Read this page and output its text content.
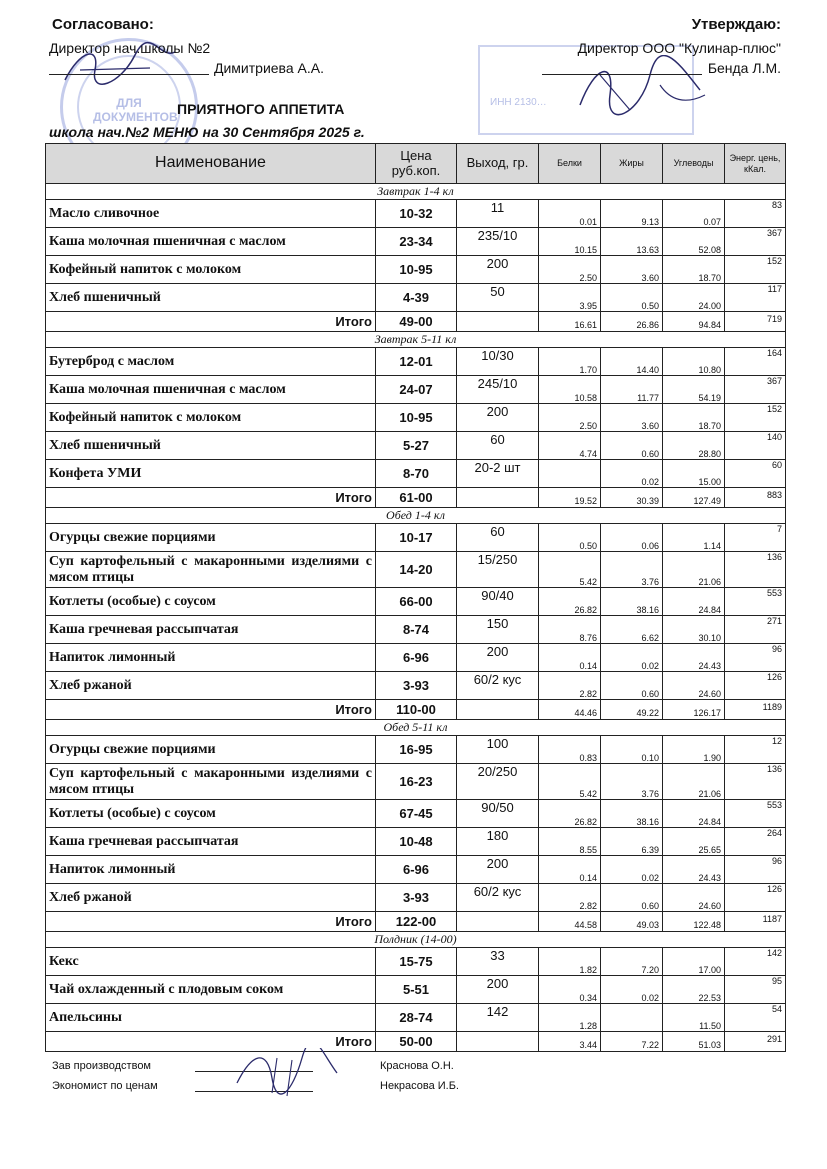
ДЛЯ ДОКУМЕНТОВ
ИНН 2130…
Согласовано:
Директор нач.школы №2
Димитриева А.А.
Утверждаю:
Директор ООО "Кулинар-плюс"
Бенда Л.М.
ПРИЯТНОГО АППЕТИТА
школа нач.№2 МЕНЮ на 30 Сентября 2025 г.
Наименование	Цена руб.коп.	Выход, гр.	Белки	Жиры	Углеводы	Энерг. цень, кКал.
Завтрак 1-4 кл						
Масло сливочное	10-32	11	0.01	9.13	0.07	83
Каша молочная пшеничная с маслом	23-34	235/10	10.15	13.63	52.08	367
Кофейный напиток с молоком	10-95	200	2.50	3.60	18.70	152
Хлеб пшеничный	4-39	50	3.95	0.50	24.00	117
Итого	49-00		16.61	26.86	94.84	719
Завтрак 5-11 кл						
Бутерброд с маслом	12-01	10/30	1.70	14.40	10.80	164
Каша молочная пшеничная с маслом	24-07	245/10	10.58	11.77	54.19	367
Кофейный напиток с молоком	10-95	200	2.50	3.60	18.70	152
Хлеб пшеничный	5-27	60	4.74	0.60	28.80	140
Конфета УМИ	8-70	20-2 шт		0.02	15.00	60
Итого	61-00		19.52	30.39	127.49	883
Обед 1-4 кл						
Огурцы свежие порциями	10-17	60	0.50	0.06	1.14	7
Суп картофельный с макаронными изделиями с мясом птицы	14-20	15/250	5.42	3.76	21.06	136
Котлеты (особые) с соусом	66-00	90/40	26.82	38.16	24.84	553
Каша гречневая рассыпчатая	8-74	150	8.76	6.62	30.10	271
Напиток лимонный	6-96	200	0.14	0.02	24.43	96
Хлеб ржаной	3-93	60/2 кус	2.82	0.60	24.60	126
Итого	110-00		44.46	49.22	126.17	1189
Обед 5-11 кл						
Огурцы свежие порциями	16-95	100	0.83	0.10	1.90	12
Суп картофельный с макаронными изделиями с мясом птицы	16-23	20/250	5.42	3.76	21.06	136
Котлеты (особые) с соусом	67-45	90/50	26.82	38.16	24.84	553
Каша гречневая рассыпчатая	10-48	180	8.55	6.39	25.65	264
Напиток лимонный	6-96	200	0.14	0.02	24.43	96
Хлеб ржаной	3-93	60/2 кус	2.82	0.60	24.60	126
Итого	122-00		44.58	49.03	122.48	1187
Полдник (14-00)						
Кекс	15-75	33	1.82	7.20	17.00	142
Чай охлажденный с плодовым соком	5-51	200	0.34	0.02	22.53	95
Апельсины	28-74	142	1.28		11.50	54
Итого	50-00		3.44	7.22	51.03	291
Зав производством	Краснова О.Н.
Экономист по ценам	Некрасова И.Б.
